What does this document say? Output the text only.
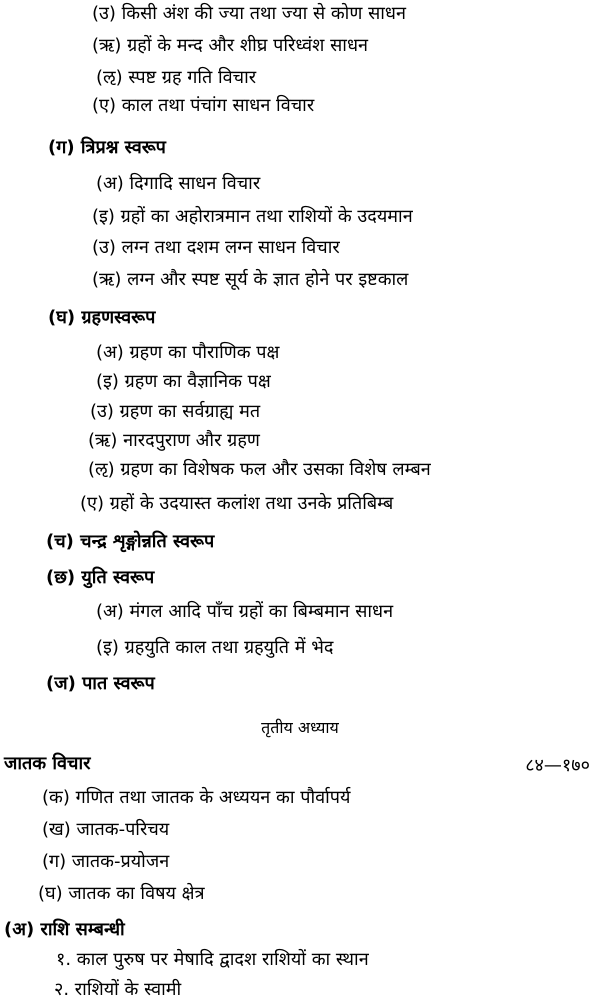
(उ) किसी अंश की ज्या तथा ज्या से कोण साधन
(ऋ) ग्रहों के मन्द और शीघ्र परिध्वंश साधन
(ऌ) स्पष्ट ग्रह गति विचार
(ए) काल तथा पंचांग साधन विचार
(ग) त्रिप्रश्न स्वरूप
(अ) दिगादि साधन विचार
(इ) ग्रहों का अहोरात्रमान तथा राशियों के उदयमान
(उ) लग्न तथा दशम लग्न साधन विचार
(ऋ) लग्न और स्पष्ट सूर्य के ज्ञात होने पर इष्टकाल
(घ) ग्रहणस्वरूप
(अ) ग्रहण का पौराणिक पक्ष
(इ) ग्रहण का वैज्ञानिक पक्ष
(उ) ग्रहण का सर्वग्राह्य मत
(ऋ) नारदपुराण और ग्रहण
(ऌ) ग्रहण का विशेषक फल और उसका विशेष लम्बन
(ए) ग्रहों के उदयास्त कलांश तथा उनके प्रतिबिम्ब
(च) चन्द्र शृङ्गोन्नति स्वरूप
(छ) युति स्वरूप
(अ) मंगल आदि पाँच ग्रहों का बिम्बमान साधन
(इ) ग्रहयुति काल तथा ग्रहयुति में भेद
(ज) पात स्वरूप
तृतीय अध्याय
जातक विचार	८४—१७०
(क) गणित तथा जातक के अध्ययन का पौर्वापर्य
(ख) जातक-परिचय
(ग) जातक-प्रयोजन
(घ) जातक का विषय क्षेत्र
(अ) राशि सम्बन्धी
१. काल पुरुष पर मेषादि द्वादश राशियों का स्थान
२. राशियों के स्वामी
